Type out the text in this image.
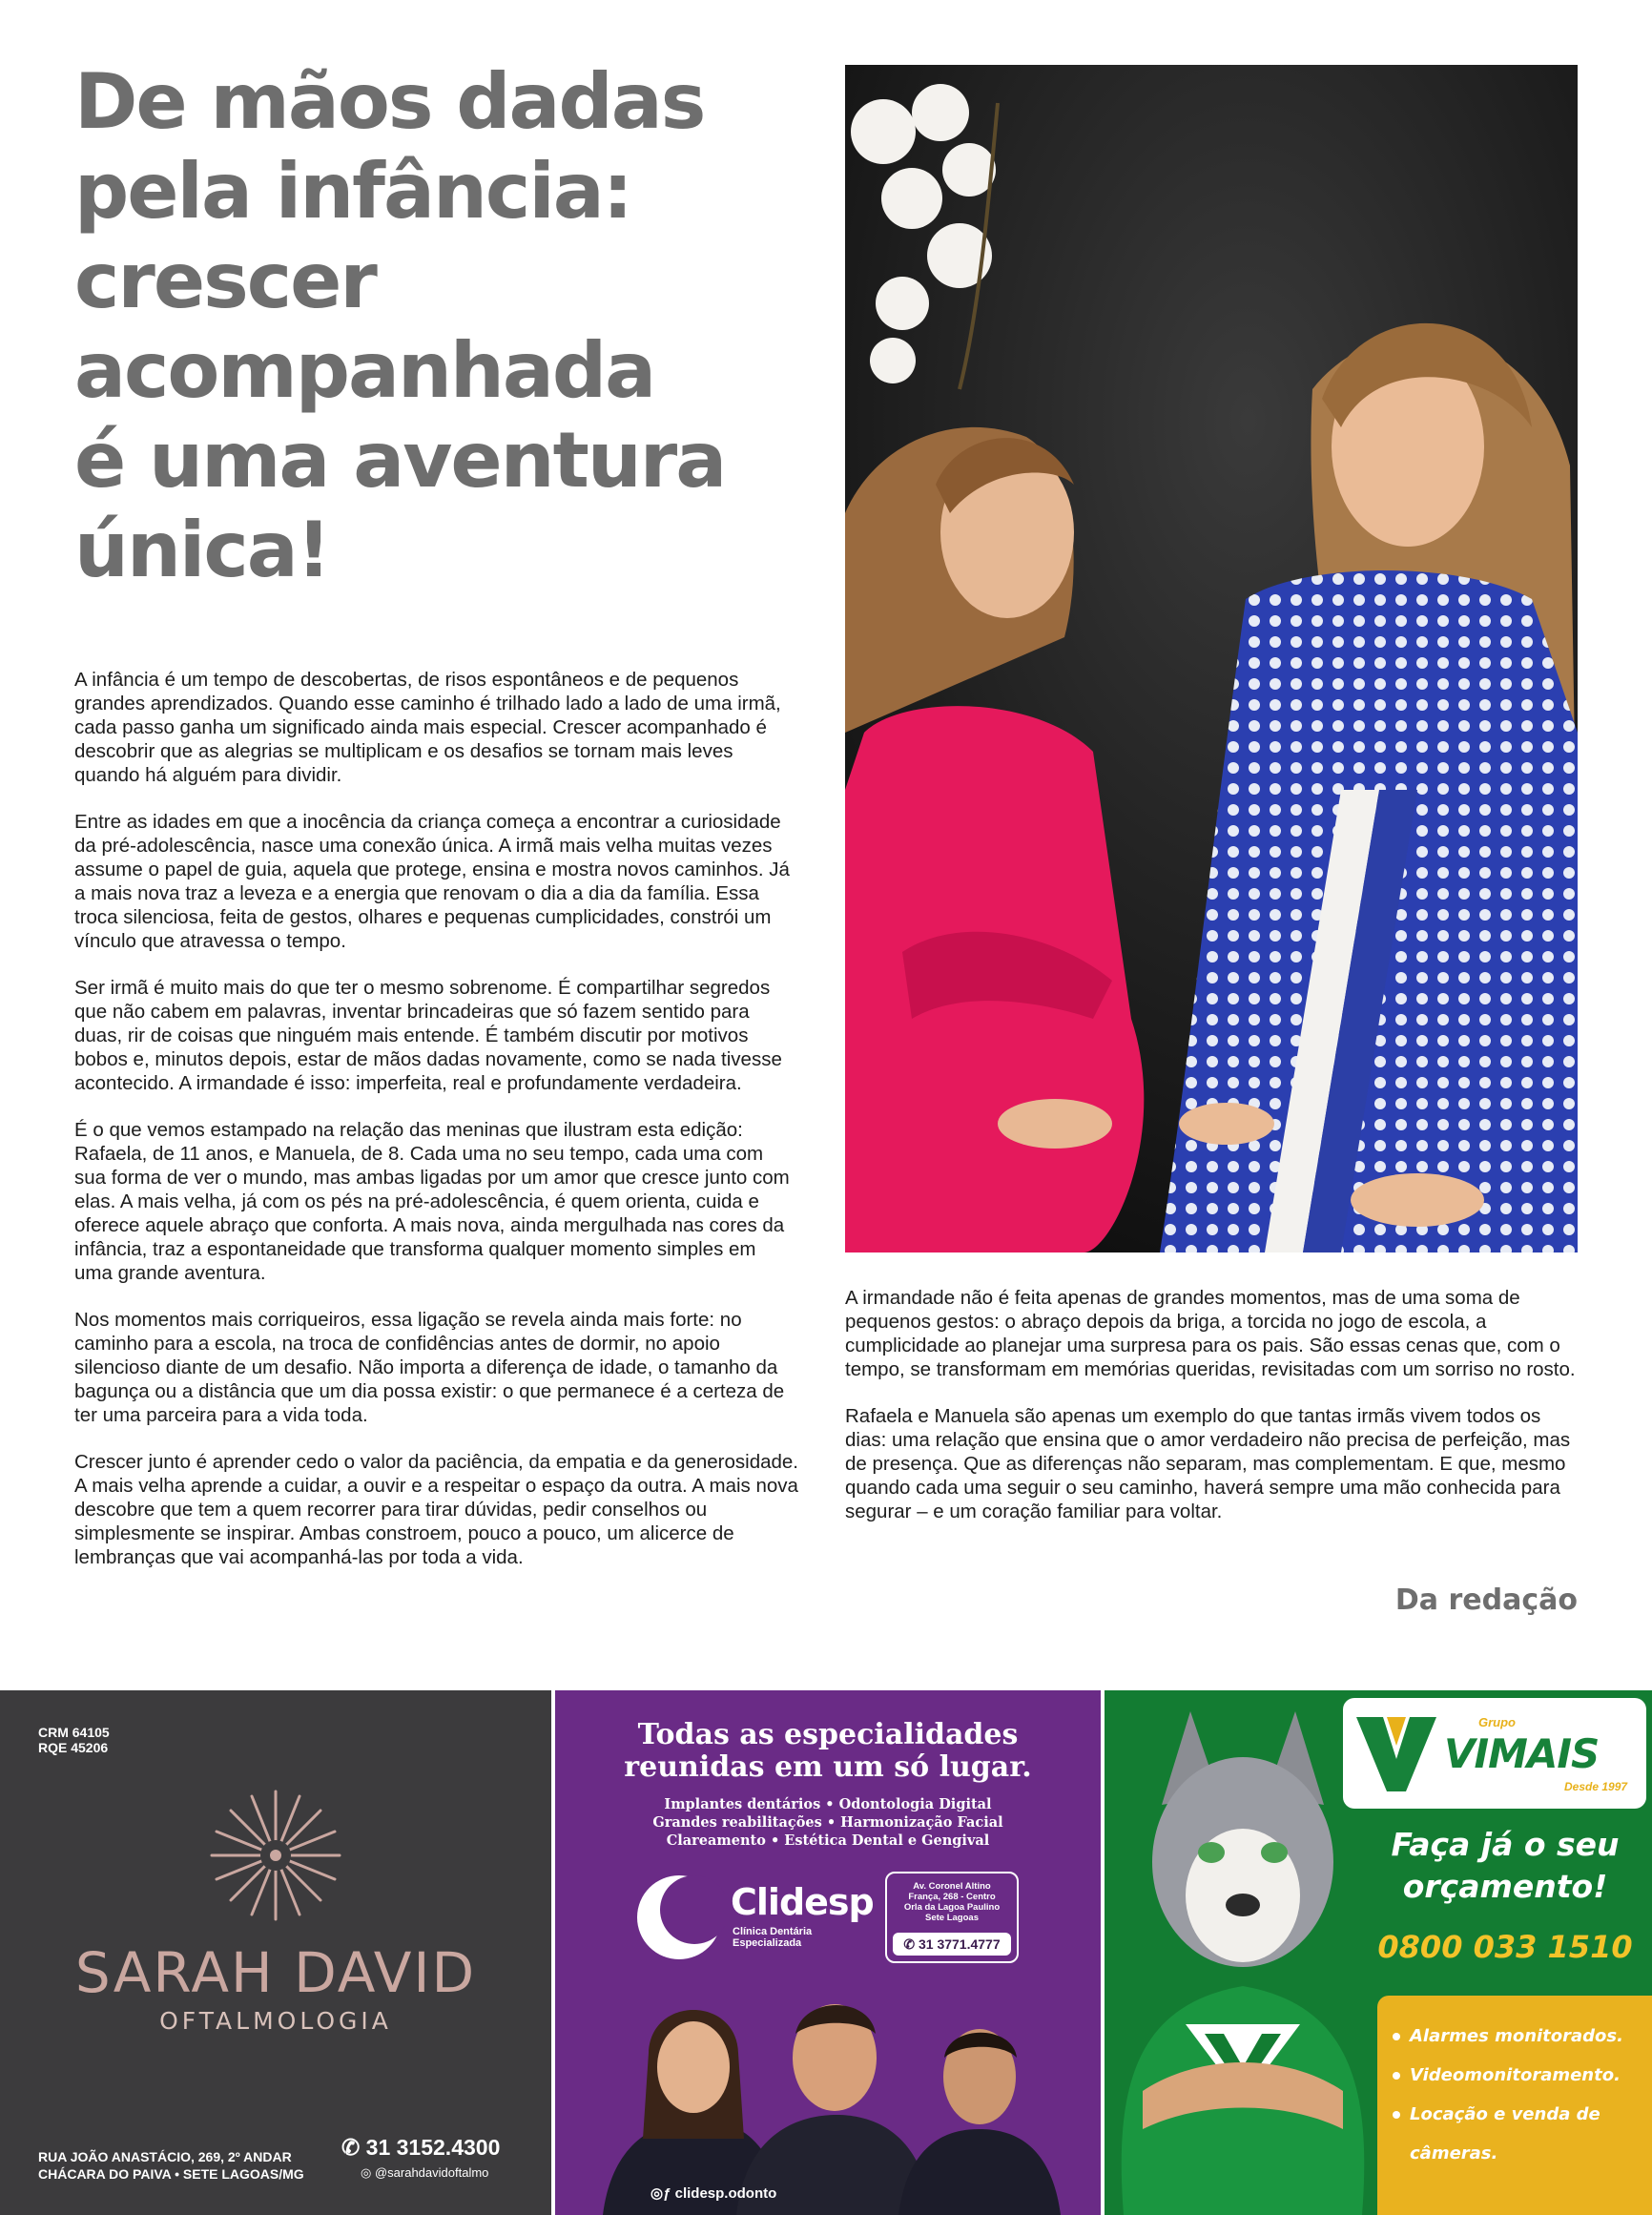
De mãos dadas
pela infância:
crescer
acompanhada
é uma aventura
única!

A infância é um tempo de descobertas, de risos espontâneos e de pequenos grandes aprendizados. Quando esse caminho é trilhado lado a lado de uma irmã, cada passo ganha um significado ainda mais especial. Crescer acompanhado é descobrir que as alegrias se multiplicam e os desafios se tornam mais leves quando há alguém para dividir.

Entre as idades em que a inocência da criança começa a encontrar a curiosidade da pré-adolescência, nasce uma conexão única. A irmã mais velha muitas vezes assume o papel de guia, aquela que protege, ensina e mostra novos caminhos. Já a mais nova traz a leveza e a energia que renovam o dia a dia da família. Essa troca silenciosa, feita de gestos, olhares e pequenas cumplicidades, constrói um vínculo que atravessa o tempo.

Ser irmã é muito mais do que ter o mesmo sobrenome. É compartilhar segredos que não cabem em palavras, inventar brincadeiras que só fazem sentido para duas, rir de coisas que ninguém mais entende. É também discutir por motivos bobos e, minutos depois, estar de mãos dadas novamente, como se nada tivesse acontecido. A irmandade é isso: imperfeita, real e profundamente verdadeira.

É o que vemos estampado na relação das meninas que ilustram esta edição: Rafaela, de 11 anos, e Manuela, de 8. Cada uma no seu tempo, cada uma com sua forma de ver o mundo, mas ambas ligadas por um amor que cresce junto com elas. A mais velha, já com os pés na pré-adolescência, é quem orienta, cuida e oferece aquele abraço que conforta. A mais nova, ainda mergulhada nas cores da infância, traz a espontaneidade que transforma qualquer momento simples em uma grande aventura.

Nos momentos mais corriqueiros, essa ligação se revela ainda mais forte: no caminho para a escola, na troca de confidências antes de dormir, no apoio silencioso diante de um desafio. Não importa a diferença de idade, o tamanho da bagunça ou a distância que um dia possa existir: o que permanece é a certeza de ter uma parceira para a vida toda.

Crescer junto é aprender cedo o valor da paciência, da empatia e da generosidade. A mais velha aprende a cuidar, a ouvir e a respeitar o espaço da outra. A mais nova descobre que tem a quem recorrer para tirar dúvidas, pedir conselhos ou simplesmente se inspirar. Ambas constroem, pouco a pouco, um alicerce de lembranças que vai acompanhá-las por toda a vida.

A irmandade não é feita apenas de grandes momentos, mas de uma soma de pequenos gestos: o abraço depois da briga, a torcida no jogo de escola, a cumplicidade ao planejar uma surpresa para os pais. São essas cenas que, com o tempo, se transformam em memórias queridas, revisitadas com um sorriso no rosto.

Rafaela e Manuela são apenas um exemplo do que tantas irmãs vivem todos os dias: uma relação que ensina que o amor verdadeiro não precisa de perfeição, mas de presença. Que as diferenças não separam, mas complementam. E que, mesmo quando cada uma seguir o seu caminho, haverá sempre uma mão conhecida para segurar – e um coração familiar para voltar.

Da redação
CRM 64105
RQE 45206
SARAH DAVID
OFTALMOLOGIA
RUA JOÃO ANASTÁCIO, 269, 2º ANDAR
CHÁCARA DO PAIVA • SETE LAGOAS/MG
✆ 31 3152.4300
◎ @sarahdavidoftalmo
Todas as especialidades
reunidas em um só lugar.
Implantes dentários • Odontologia Digital
Grandes reabilitações • Harmonização Facial
Clareamento • Estética Dental e Gengival
Clidesp
Clínica Dentária
Especializada
Av. Coronel Altino
França, 268 - Centro
Orla da Lagoa Paulino
Sete Lagoas
✆ 31 3771.4777
◎ƒ clidesp.odonto
Grupo
VIMAIS
Desde 1997
Faça já o seu
orçamento!
0800 033 1510
Alarmes monitorados.
Videomonitoramento.
Locação e venda de
câmeras.
